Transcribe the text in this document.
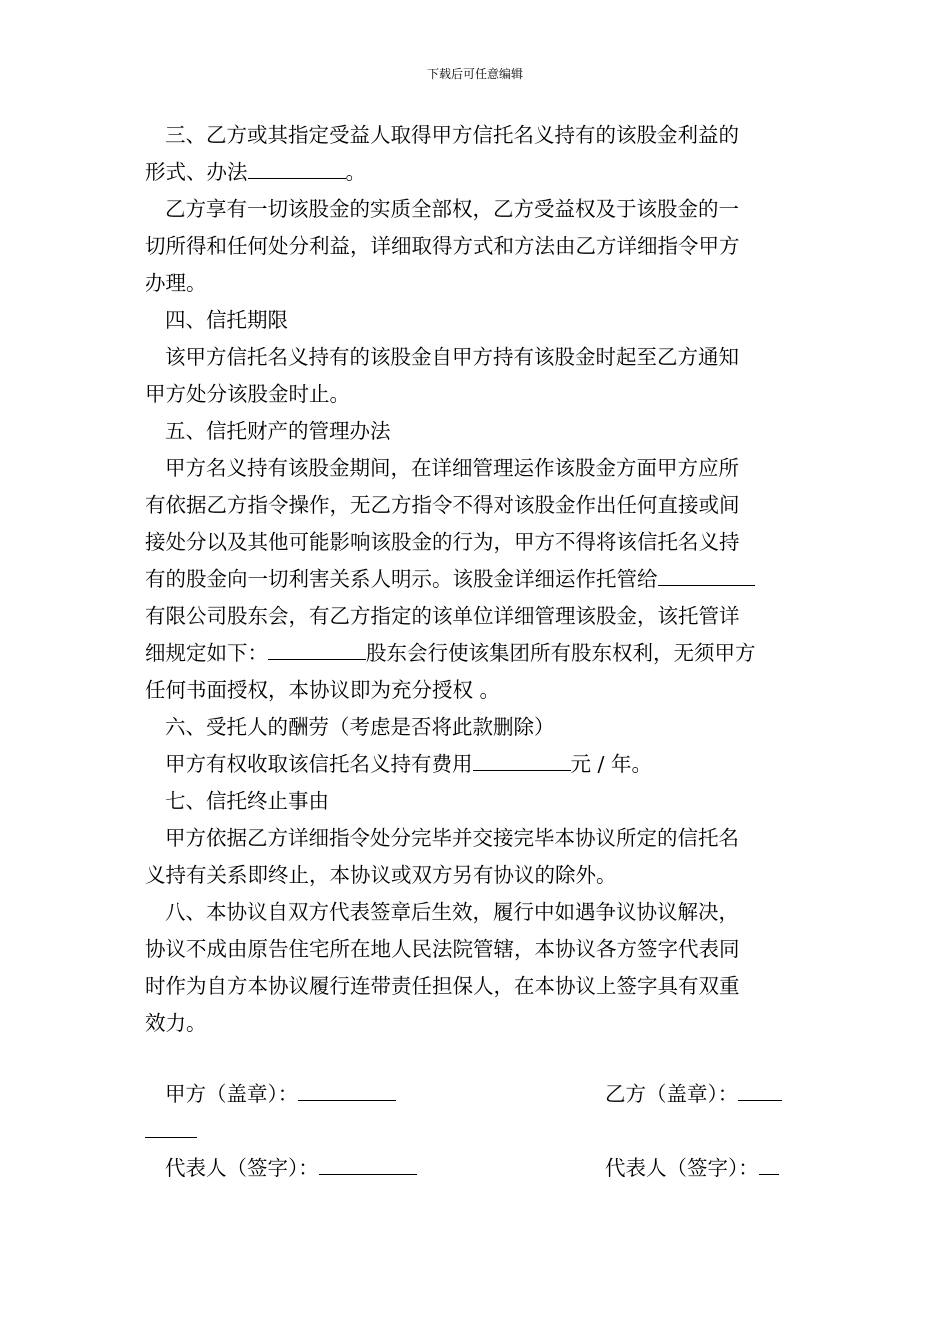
下载后可任意编辑
三、乙方或其指定受益人取得甲方信托名义持有的该股金利益的
形式、办法	。
乙方享有一切该股金的实质全部权，乙方受益权及于该股金的一
切所得和任何处分利益，详细取得方式和方法由乙方详细指令甲方
办理。
四、信托期限
该甲方信托名义持有的该股金自甲方持有该股金时起至乙方通知
甲方处分该股金时止。
五、信托财产的管理办法
甲方名义持有该股金期间，在详细管理运作该股金方面甲方应所
有依据乙方指令操作，无乙方指令不得对该股金作出任何直接或间
接处分以及其他可能影响该股金的行为，甲方不得将该信托名义持
有的股金向一切利害关系人明示。该股金详细运作托管给
有限公司股东会，有乙方指定的该单位详细管理该股金，该托管详
细规定如下：	股东会行使该集团所有股东权利，无须甲方
任何书面授权，本协议即为充分授权 。
六、受托人的酬劳（考虑是否将此款删除）
甲方有权收取该信托名义持有费用	元 / 年。
七、信托终止事由
甲方依据乙方详细指令处分完毕并交接完毕本协议所定的信托名
义持有关系即终止，本协议或双方另有协议的除外。
八、本协议自双方代表签章后生效，履行中如遇争议协议解决，
协议不成由原告住宅所在地人民法院管辖，本协议各方签字代表同
时作为自方本协议履行连带责任担保人，在本协议上签字具有双重
效力。
甲方（盖章）：	乙方（盖章）：
代表人（签字）：	代表人（签字）：
